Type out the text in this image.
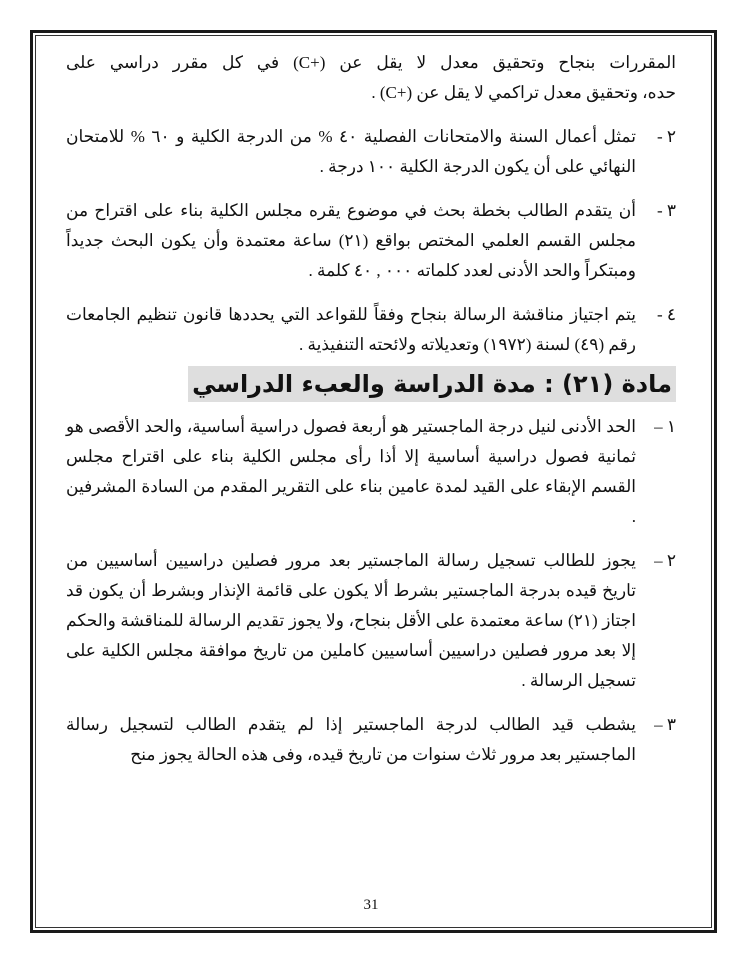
المقررات بنجاح وتحقيق معدل لا يقل عن (+C) في كل مقرر دراسي على

حده، وتحقيق معدل تراكمي لا يقل عن (+C) .

٢ -
تمثل أعمال السنة والامتحانات الفصلية ٤٠ % من الدرجة الكلية و ٦٠ % للامتحان النهائي على أن يكون الدرجة الكلية ١٠٠ درجة .
٣ -
أن يتقدم الطالب بخطة بحث في موضوع يقره مجلس الكلية بناء على اقتراح من مجلس القسم العلمي المختص بواقع (٢١) ساعة معتمدة وأن يكون البحث جديداً ومبتكراً والحد الأدنى لعدد كلماته ٠٠٠ , ٤٠ كلمة .
٤ -
يتم اجتياز مناقشة الرسالة بنجاح وفقاً للقواعد التي يحددها قانون تنظيم الجامعات رقم (٤٩) لسنة (١٩٧٢) وتعديلاته ولائحته التنفيذية .
مادة (٢١) : مدة الدراسة والعبء الدراسي
١ –
الحد الأدنى لنيل درجة الماجستير هو أربعة فصول دراسية أساسية، والحد الأقصى هو ثمانية فصول دراسية أساسية إلا أذا رأى مجلس الكلية بناء على اقتراح مجلس القسم الإبقاء على القيد لمدة عامين بناء على التقرير المقدم من السادة المشرفين .
٢ –
يجوز للطالب تسجيل رسالة الماجستير بعد مرور فصلين دراسيين أساسيين من تاريخ قيده بدرجة الماجستير بشرط ألا يكون على قائمة الإنذار وبشرط أن يكون قد اجتاز (٢١) ساعة معتمدة على الأقل بنجاح، ولا يجوز تقديم الرسالة للمناقشة والحكم إلا بعد مرور فصلين دراسيين أساسيين كاملين من تاريخ موافقة مجلس الكلية على تسجيل الرسالة .
٣ –
يشطب قيد الطالب لدرجة الماجستير إذا لم يتقدم الطالب لتسجيل رسالة الماجستير بعد مرور ثلاث سنوات من تاريخ قيده، وفى هذه الحالة يجوز منح
31
